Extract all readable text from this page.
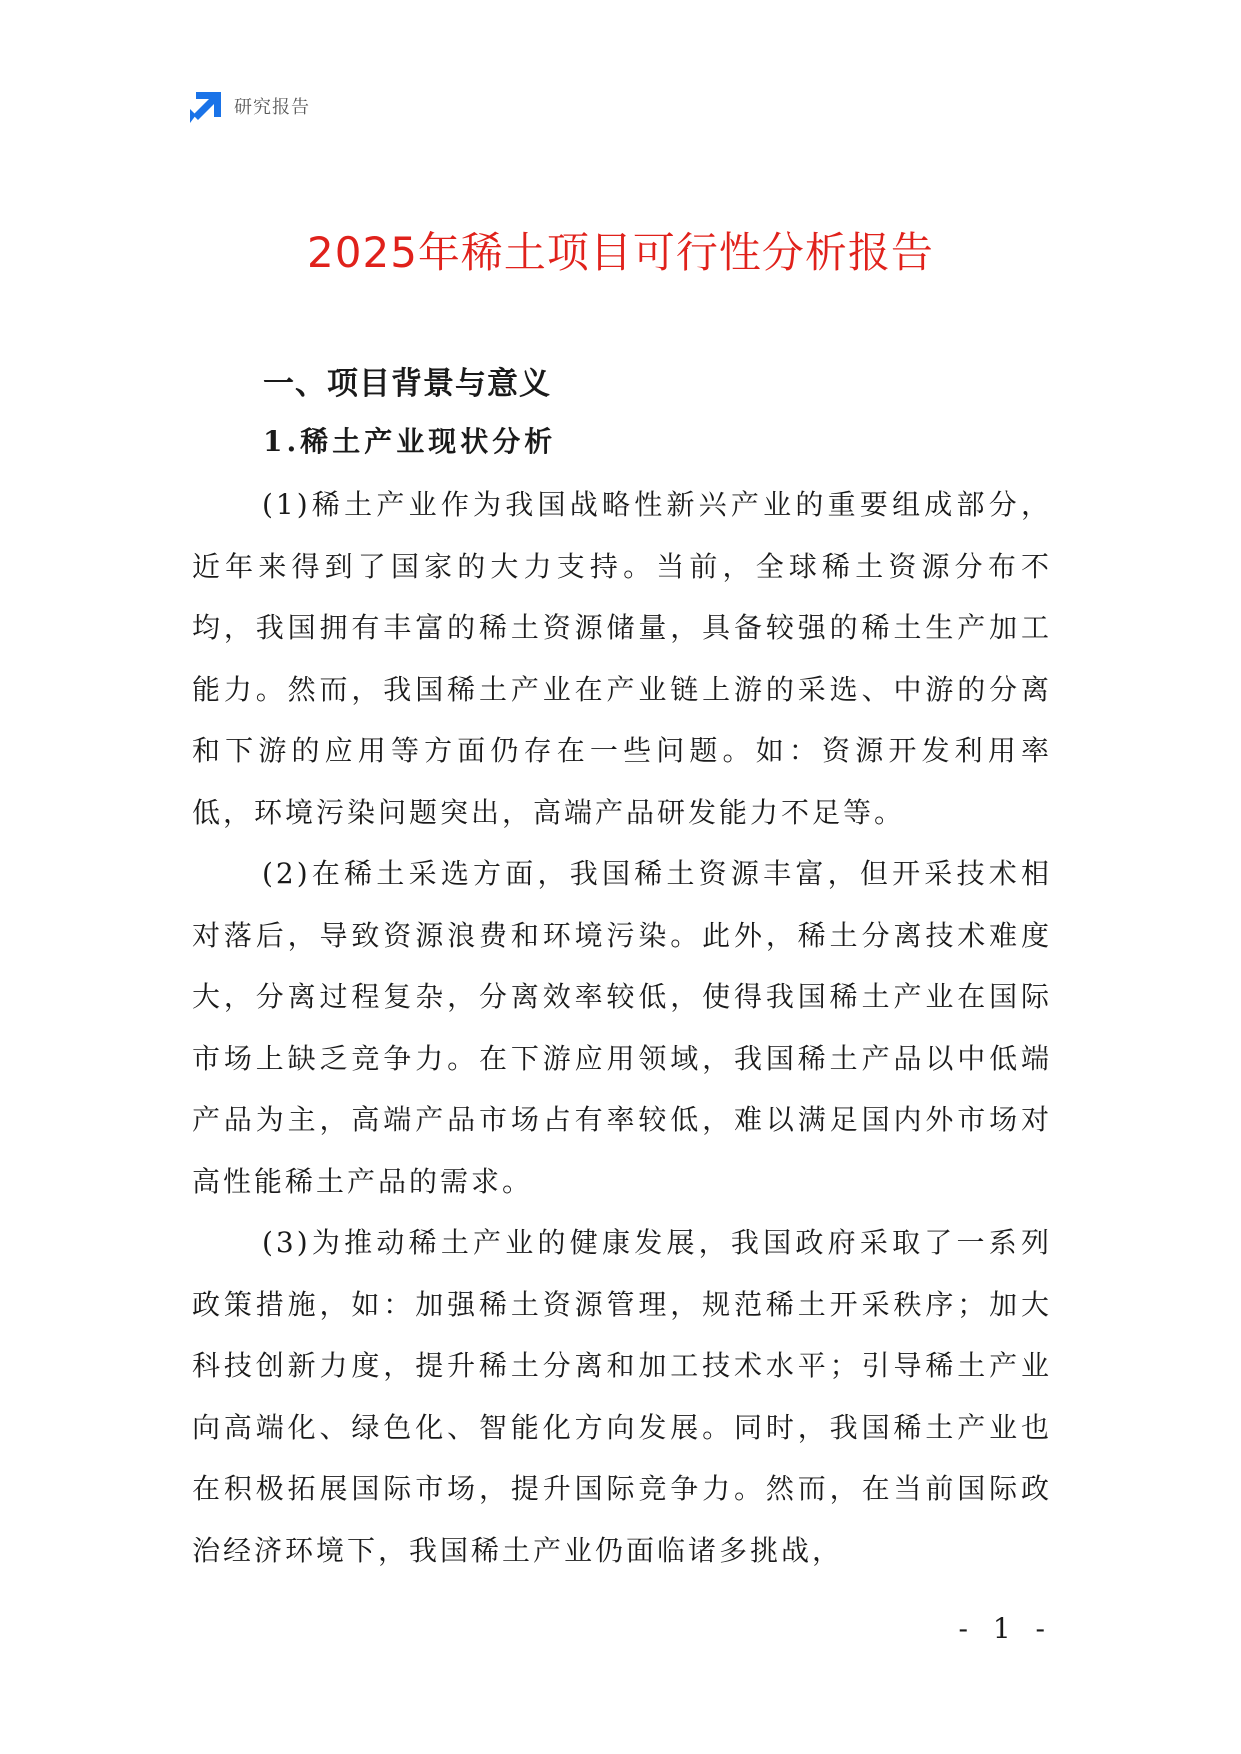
研究报告
2025年稀土项目可行性分析报告
一、项目背景与意义
1.稀土产业现状分析

(1)稀土产业作为我国战略性新兴产业的重要组成部分，近年来得到了国家的大力支持。当前，全球稀土资源分布不均，我国拥有丰富的稀土资源储量，具备较强的稀土生产加工能力。然而，我国稀土产业在产业链上游的采选、中游的分离和下游的应用等方面仍存在一些问题。如：资源开发利用率低，环境污染问题突出，高端产品研发能力不足等。

(2)在稀土采选方面，我国稀土资源丰富，但开采技术相对落后，导致资源浪费和环境污染。此外，稀土分离技术难度大，分离过程复杂，分离效率较低，使得我国稀土产业在国际市场上缺乏竞争力。在下游应用领域，我国稀土产品以中低端产品为主，高端产品市场占有率较低，难以满足国内外市场对高性能稀土产品的需求。

(3)为推动稀土产业的健康发展，我国政府采取了一系列政策措施，如：加强稀土资源管理，规范稀土开采秩序；加大科技创新力度，提升稀土分离和加工技术水平；引导稀土产业向高端化、绿色化、智能化方向发展。同时，我国稀土产业也在积极拓展国际市场，提升国际竞争力。然而，在当前国际政治经济环境下，我国稀土产业仍面临诸多挑战，

- 1 -
